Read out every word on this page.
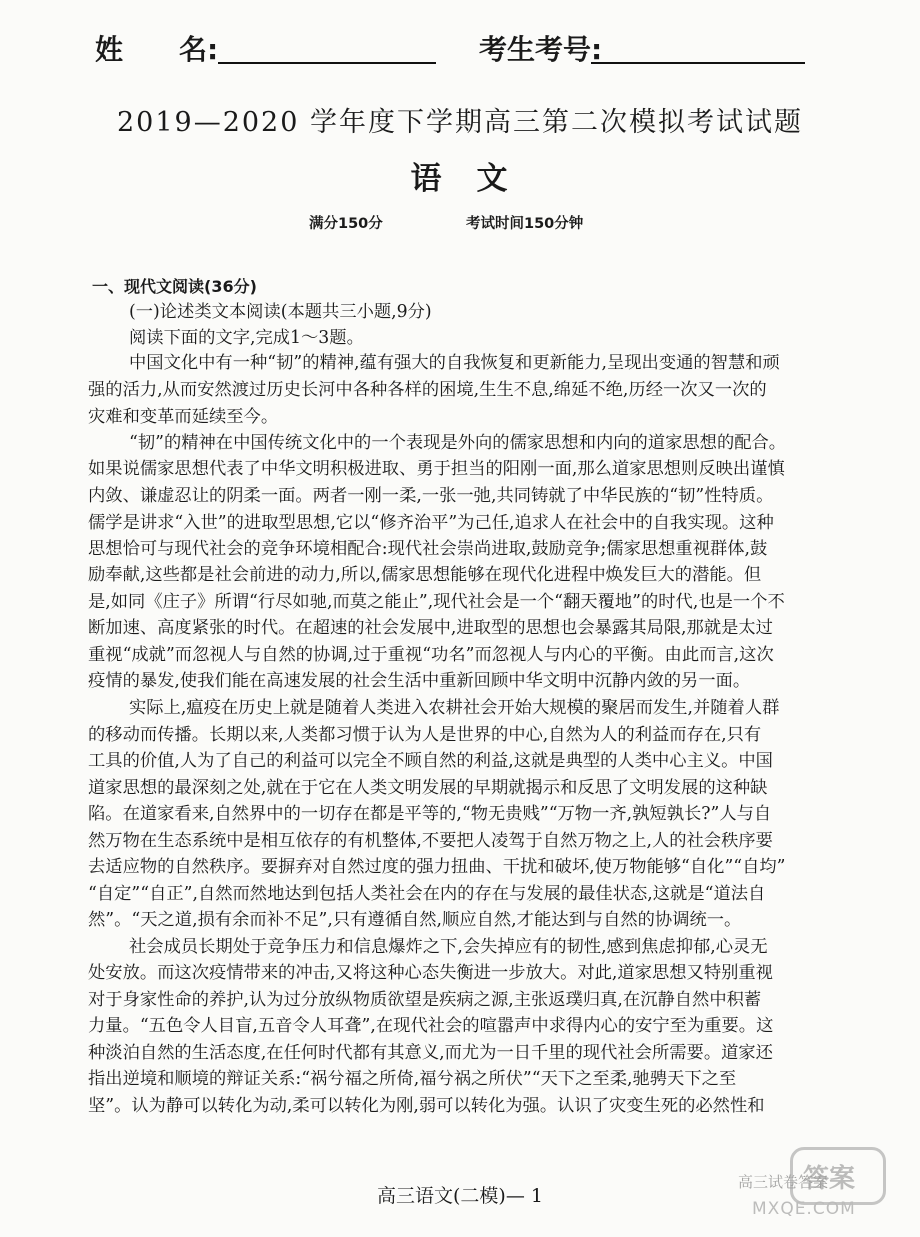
姓　　名:	考生考号:
2019—2020 学年度下学期高三第二次模拟考试试题
语　文
满分150分	考试时间150分钟
一、现代文阅读(36分)
(一)论述类文本阅读(本题共三小题,9分)
阅读下面的文字,完成1～3题。
中国文化中有一种“韧”的精神,蕴有强大的自我恢复和更新能力,呈现出变通的智慧和顽
强的活力,从而安然渡过历史长河中各种各样的困境,生生不息,绵延不绝,历经一次又一次的
灾难和变革而延续至今。
“韧”的精神在中国传统文化中的一个表现是外向的儒家思想和内向的道家思想的配合。
如果说儒家思想代表了中华文明积极进取、勇于担当的阳刚一面,那么道家思想则反映出谨慎
内敛、谦虚忍让的阴柔一面。两者一刚一柔,一张一弛,共同铸就了中华民族的“韧”性特质。
儒学是讲求“入世”的进取型思想,它以“修齐治平”为己任,追求人在社会中的自我实现。这种
思想恰可与现代社会的竞争环境相配合:现代社会崇尚进取,鼓励竞争;儒家思想重视群体,鼓
励奉献,这些都是社会前进的动力,所以,儒家思想能够在现代化进程中焕发巨大的潜能。但
是,如同《庄子》所谓“行尽如驰,而莫之能止”,现代社会是一个“翻天覆地”的时代,也是一个不
断加速、高度紧张的时代。在超速的社会发展中,进取型的思想也会暴露其局限,那就是太过
重视“成就”而忽视人与自然的协调,过于重视“功名”而忽视人与内心的平衡。由此而言,这次
疫情的暴发,使我们能在高速发展的社会生活中重新回顾中华文明中沉静内敛的另一面。
实际上,瘟疫在历史上就是随着人类进入农耕社会开始大规模的聚居而发生,并随着人群
的移动而传播。长期以来,人类都习惯于认为人是世界的中心,自然为人的利益而存在,只有
工具的价值,人为了自己的利益可以完全不顾自然的利益,这就是典型的人类中心主义。中国
道家思想的最深刻之处,就在于它在人类文明发展的早期就揭示和反思了文明发展的这种缺
陷。在道家看来,自然界中的一切存在都是平等的,“物无贵贱”“万物一齐,孰短孰长?”人与自
然万物在生态系统中是相互依存的有机整体,不要把人凌驾于自然万物之上,人的社会秩序要
去适应物的自然秩序。要摒弃对自然过度的强力扭曲、干扰和破坏,使万物能够“自化”“自均”
“自定”“自正”,自然而然地达到包括人类社会在内的存在与发展的最佳状态,这就是“道法自
然”。“天之道,损有余而补不足”,只有遵循自然,顺应自然,才能达到与自然的协调统一。
社会成员长期处于竞争压力和信息爆炸之下,会失掉应有的韧性,感到焦虑抑郁,心灵无
处安放。而这次疫情带来的冲击,又将这种心态失衡进一步放大。对此,道家思想又特别重视
对于身家性命的养护,认为过分放纵物质欲望是疾病之源,主张返璞归真,在沉静自然中积蓄
力量。“五色令人目盲,五音令人耳聋”,在现代社会的喧嚣声中求得内心的安宁至为重要。这
种淡泊自然的生活态度,在任何时代都有其意义,而尤为一日千里的现代社会所需要。道家还
指出逆境和顺境的辩证关系:“祸兮福之所倚,福兮祸之所伏”“天下之至柔,驰骋天下之至
坚”。认为静可以转化为动,柔可以转化为刚,弱可以转化为强。认识了灾变生死的必然性和
高三语文(二模)— 1
答案
高三试卷答案
MXQE.COM
